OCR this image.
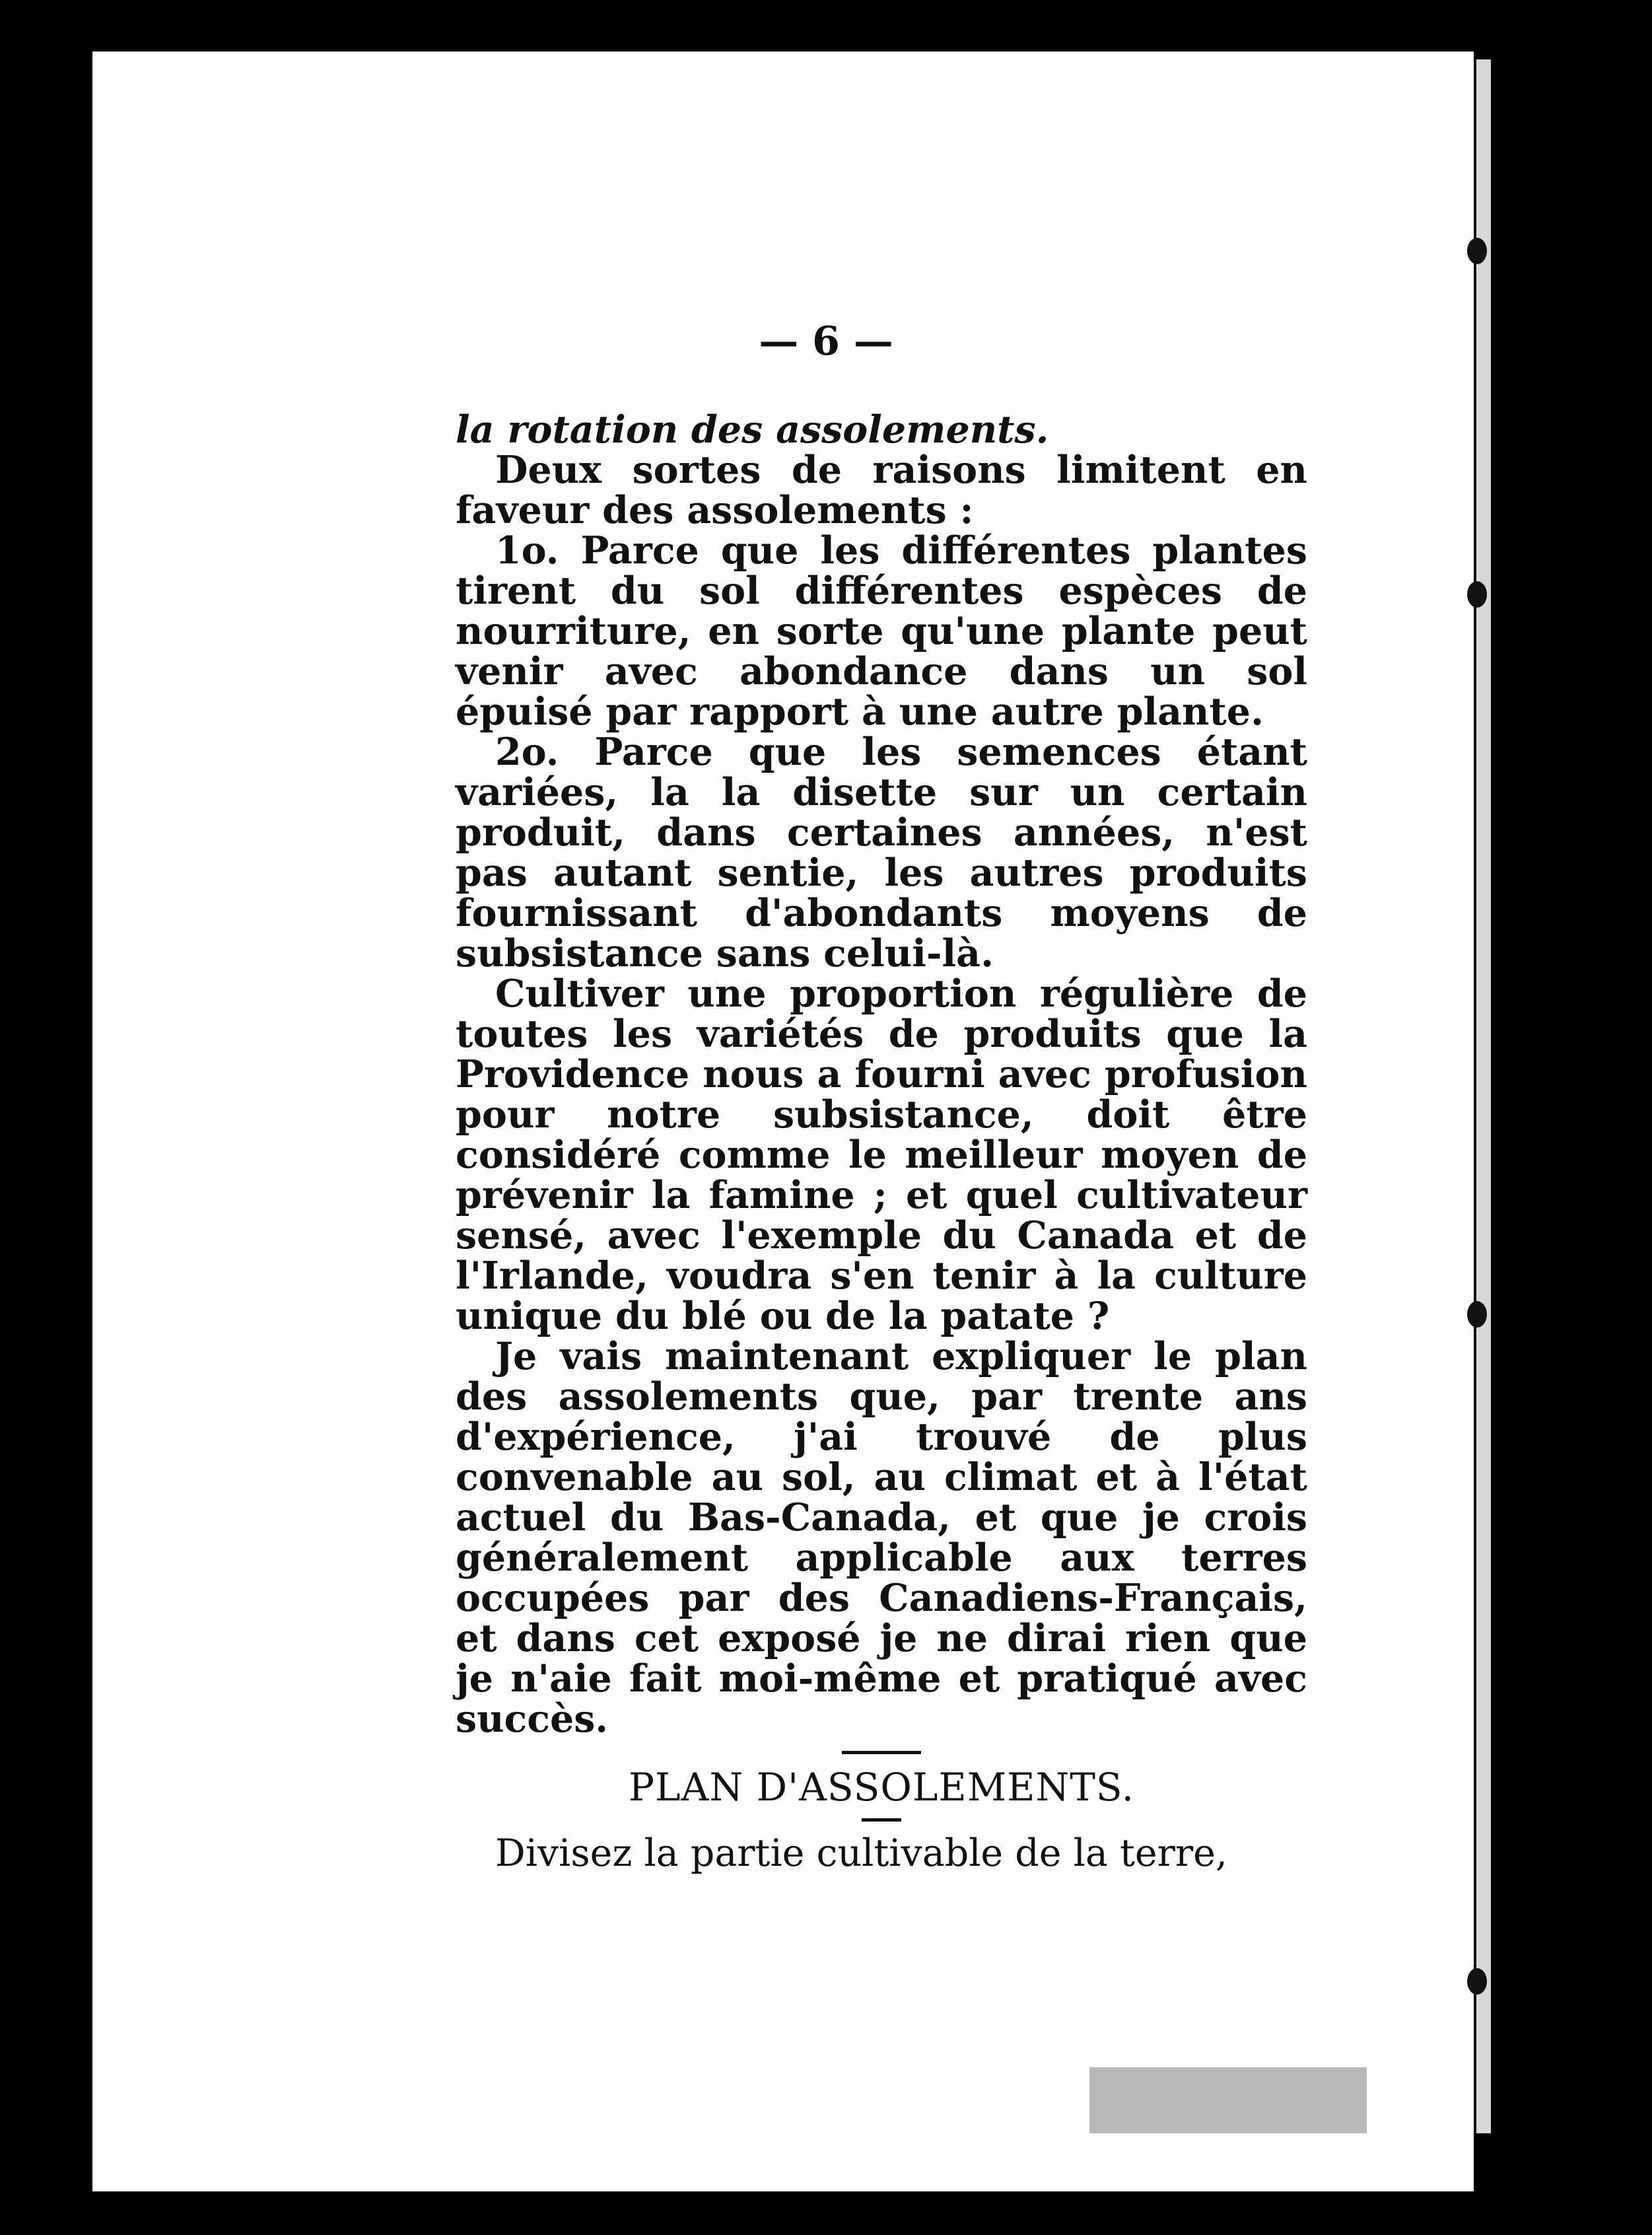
— 6 —

la rotation des assolements.

Deux sortes de raisons limitent en faveur des assolements :

1o. Parce que les différentes plantes tirent du sol différentes espèces de nourriture, en sorte qu'une plante peut venir avec abondance dans un sol épuisé par rapport à une autre plante.

2o. Parce que les semences étant variées, la la disette sur un certain produit, dans certaines années, n'est pas autant sentie, les autres produits fournissant d'abondants moyens de subsistance sans celui-là.

Cultiver une proportion régulière de toutes les variétés de produits que la Providence nous a fourni avec profusion pour notre subsistance, doit être considéré comme le meilleur moyen de prévenir la famine ; et quel cultivateur sensé, avec l'exemple du Canada et de l'Irlande, voudra s'en tenir à la culture unique du blé ou de la patate ?

Je vais maintenant expliquer le plan des assolements que, par trente ans d'expérience, j'ai trouvé de plus convenable au sol, au climat et à l'état actuel du Bas-Canada, et que je crois généralement applicable aux terres occupées par des Canadiens-Français, et dans cet exposé je ne dirai rien que je n'aie fait moi-même et pratiqué avec succès.

PLAN D'ASSOLEMENTS.

Divisez la partie cultivable de la terre,
